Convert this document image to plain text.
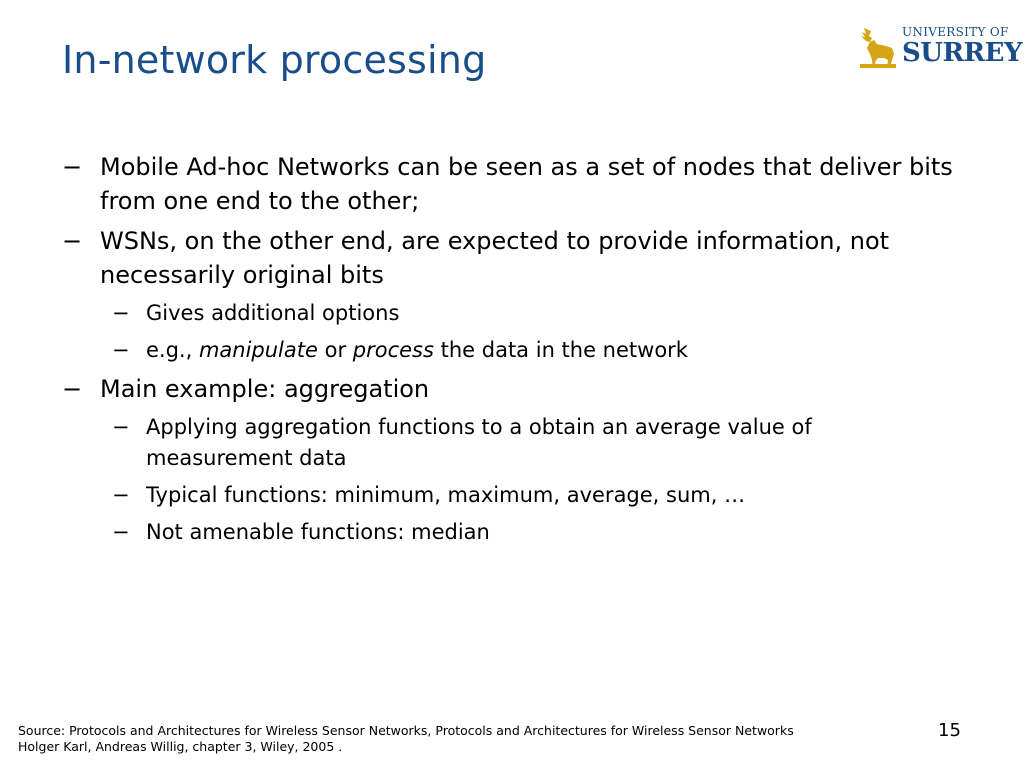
In-network processing
UNIVERSITY OF
SURREY
− Mobile Ad-hoc Networks can be seen as a set of nodes that deliver bits from one end to the other;
− WSNs, on the other end, are expected to provide information, not necessarily original bits
− Gives additional options
− e.g., manipulate or process the data in the network
− Main example: aggregation
− Applying aggregation functions to a obtain an average value of measurement data
− Typical functions: minimum, maximum, average, sum, …
− Not amenable functions: median
Source: Protocols and Architectures for Wireless Sensor Networks, Protocols and Architectures for Wireless Sensor Networks
Holger Karl, Andreas Willig, chapter 3, Wiley, 2005 .
15
